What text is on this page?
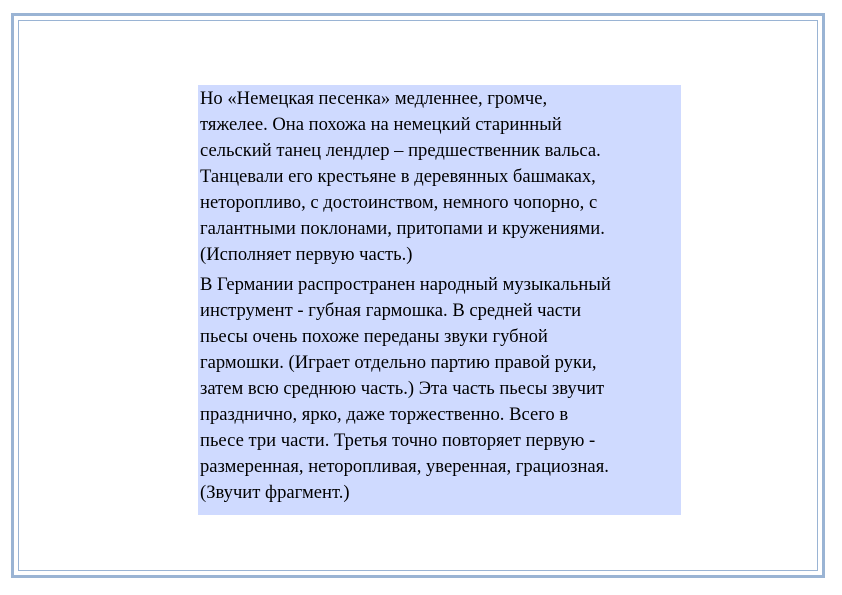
Но «Немецкая песенка» медленнее, громче,
тяжелее. Она похожа на немецкий старинный
сельский танец лендлер – предшественник вальса.
Танцевали его крестьяне в деревянных башмаках,
неторопливо, с достоинством, немного чопорно, с
галантными поклонами, притопами и кружениями.
(Исполняет первую часть.)

В Германии распространен народный музыкальный
инструмент - губная гармошка. В средней части
пьесы очень похоже переданы звуки губной
гармошки. (Играет отдельно партию правой руки,
затем всю среднюю часть.) Эта часть пьесы звучит
празднично, ярко, даже торжественно. Всего в
пьесе три части. Третья точно повторяет первую -
размеренная, неторопливая, уверенная, грациозная.
(Звучит фрагмент.)
